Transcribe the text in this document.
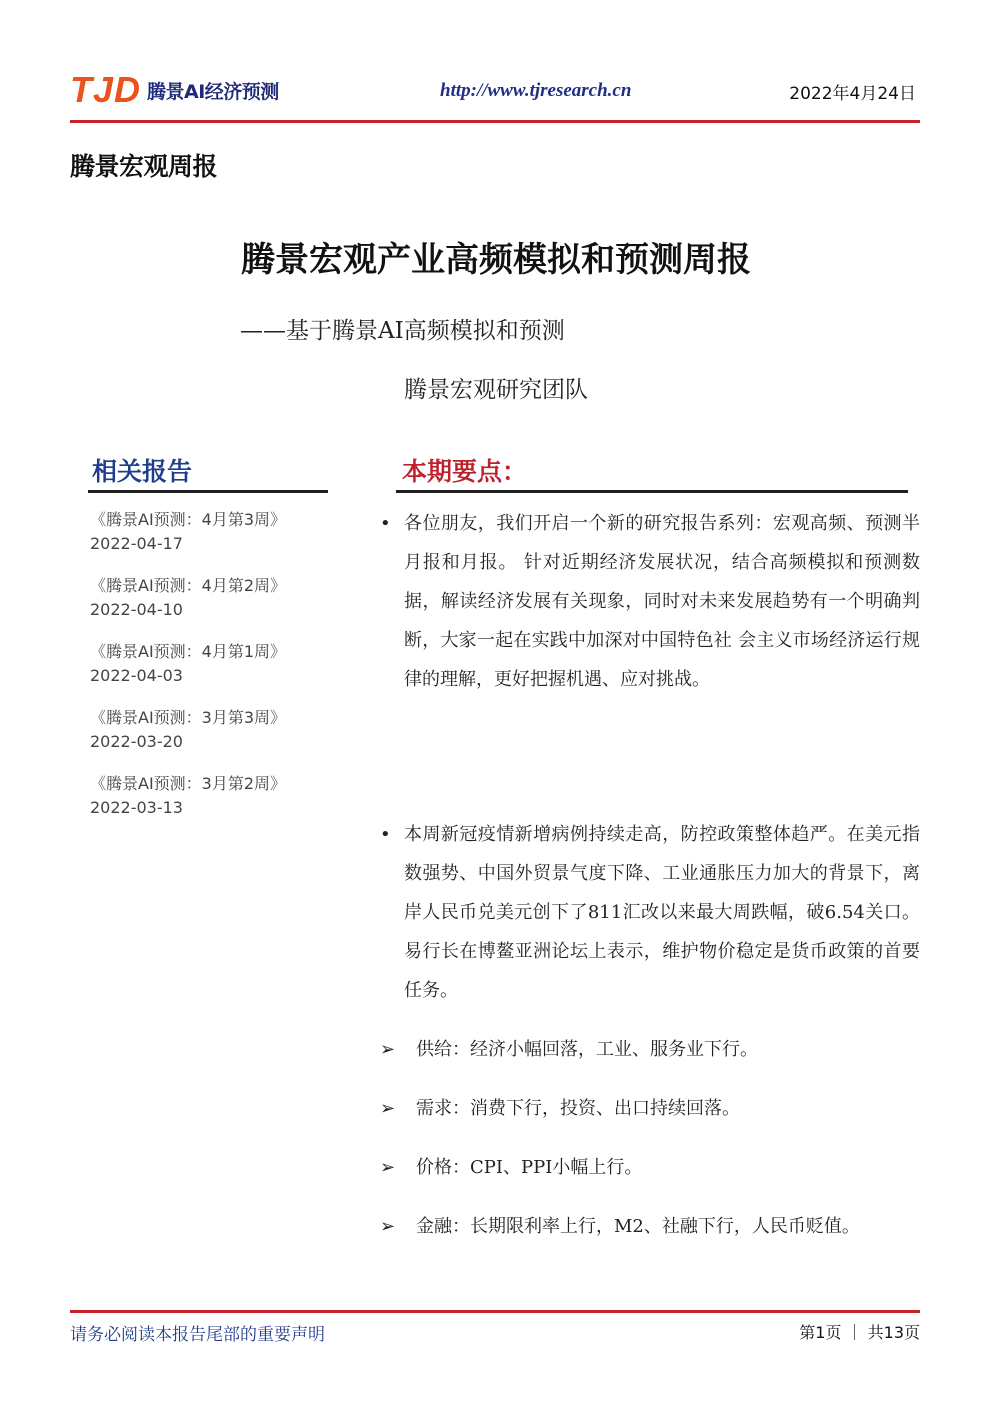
TJD 腾景AI经济预测	http://www.tjresearch.cn	2022年4月24日
腾景宏观周报
腾景宏观产业高频模拟和预测周报
——基于腾景AI高频模拟和预测
腾景宏观研究团队
相关报告
《腾景AI预测：4月第3周》
2022-04-17
《腾景AI预测：4月第2周》
2022-04-10
《腾景AI预测：4月第1周》
2022-04-03
《腾景AI预测：3月第3周》
2022-03-20
《腾景AI预测：3月第2周》
2022-03-13
本期要点：
• 各位朋友，我们开启一个新的研究报告系列：宏观高频、预测半月报和月报。 针对近期经济发展状况，结合高频模拟和预测数据，解读经济发展有关现象，同时对未来发展趋势有一个明确判断，大家一起在实践中加深对中国特色社 会主义市场经济运行规律的理解，更好把握机遇、应对挑战。
• 本周新冠疫情新增病例持续走高，防控政策整体趋严。在美元指数强势、中国外贸景气度下降、工业通胀压力加大的背景下，离岸人民币兑美元创下了811汇改以来最大周跌幅，破6.54关口。易行长在博鳌亚洲论坛上表示，维护物价稳定是货币政策的首要任务。
➢ 供给：经济小幅回落，工业、服务业下行。
➢ 需求：消费下行，投资、出口持续回落。
➢ 价格：CPI、PPI小幅上行。
➢ 金融：长期限利率上行，M2、社融下行，人民币贬值。
请务必阅读本报告尾部的重要声明	第1页 ｜ 共13页
